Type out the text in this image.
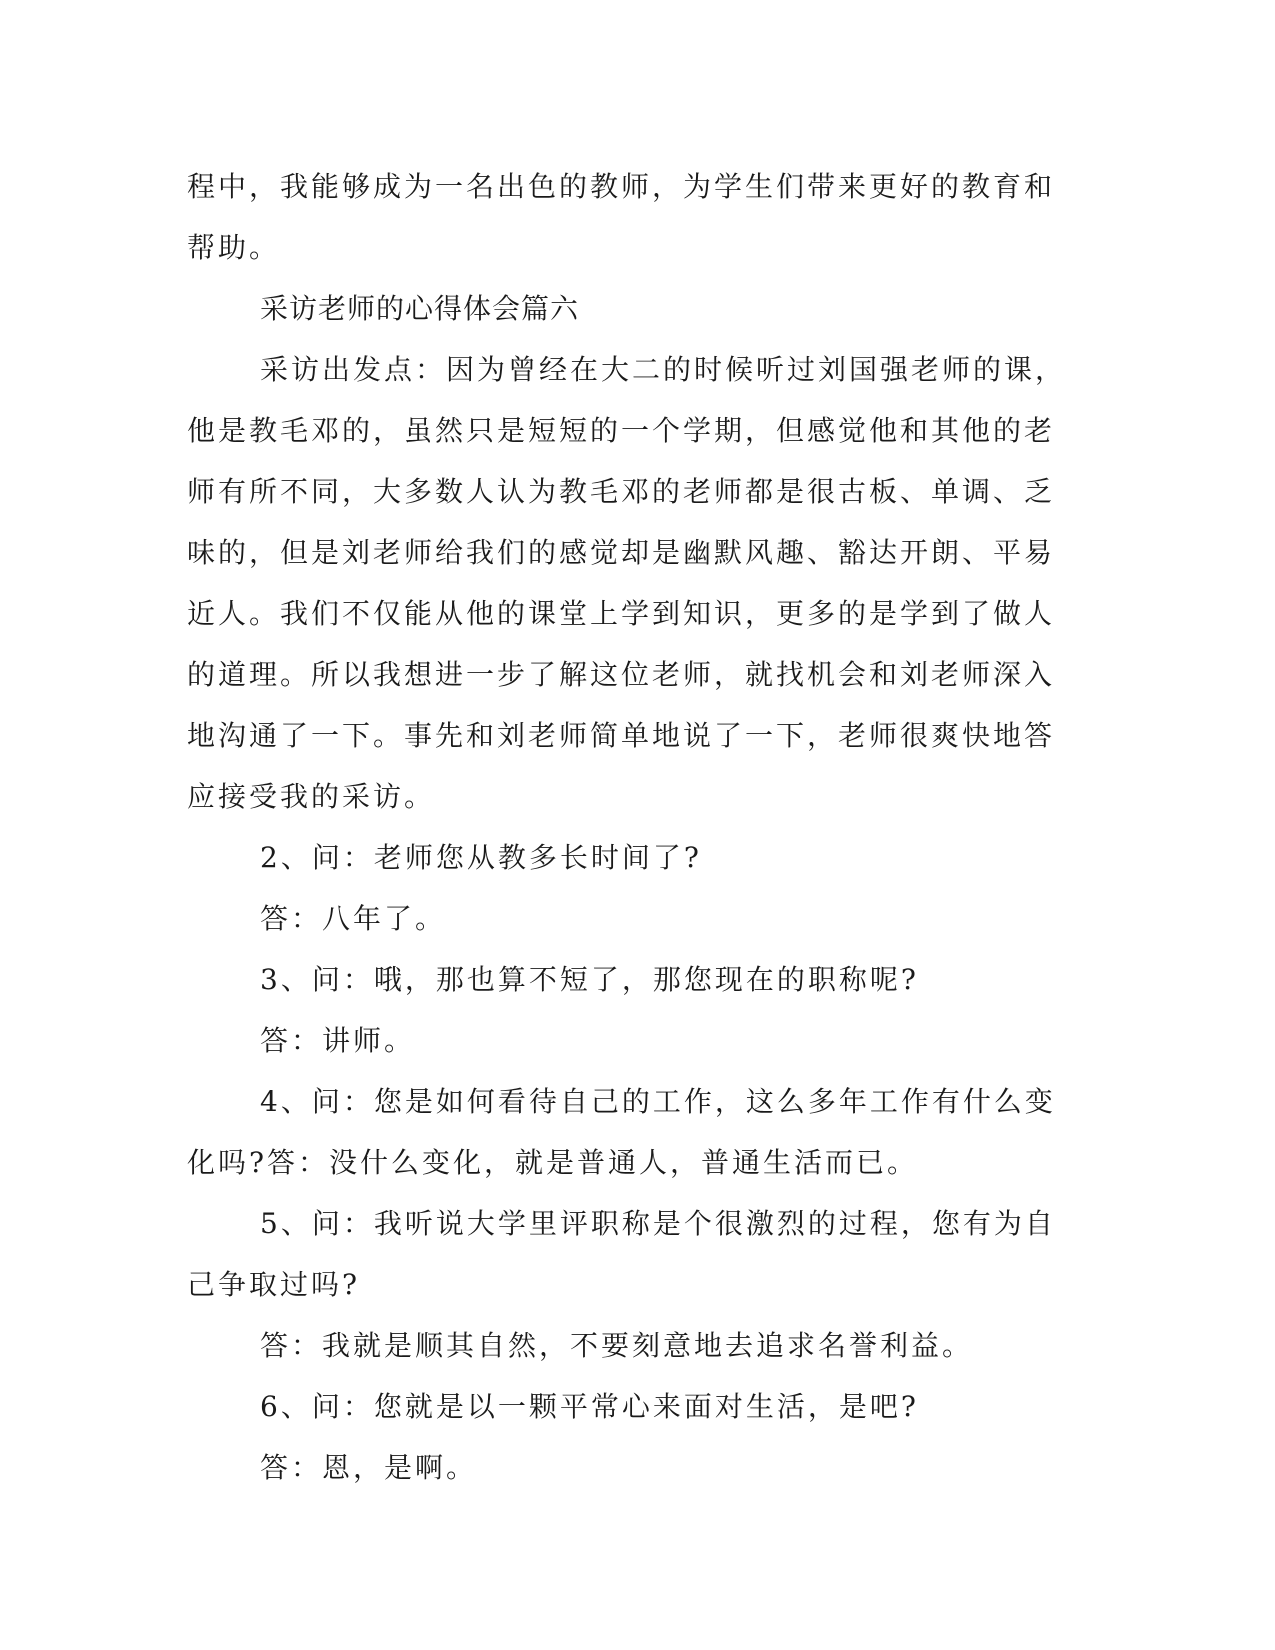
程中，我能够成为一名出色的教师，为学生们带来更好的教育和帮助。

采访老师的心得体会篇六

采访出发点：因为曾经在大二的时候听过刘国强老师的课，他是教毛邓的，虽然只是短短的一个学期，但感觉他和其他的老师有所不同，大多数人认为教毛邓的老师都是很古板、单调、乏味的，但是刘老师给我们的感觉却是幽默风趣、豁达开朗、平易近人。我们不仅能从他的课堂上学到知识，更多的是学到了做人的道理。所以我想进一步了解这位老师，就找机会和刘老师深入地沟通了一下。事先和刘老师简单地说了一下，老师很爽快地答应接受我的采访。

2、问：老师您从教多长时间了?

答：八年了。

3、问：哦，那也算不短了，那您现在的职称呢?

答：讲师。

4、问：您是如何看待自己的工作，这么多年工作有什么变化吗?答：没什么变化，就是普通人，普通生活而已。

5、问：我听说大学里评职称是个很激烈的过程，您有为自己争取过吗?

答：我就是顺其自然，不要刻意地去追求名誉利益。

6、问：您就是以一颗平常心来面对生活，是吧?

答：恩，是啊。
